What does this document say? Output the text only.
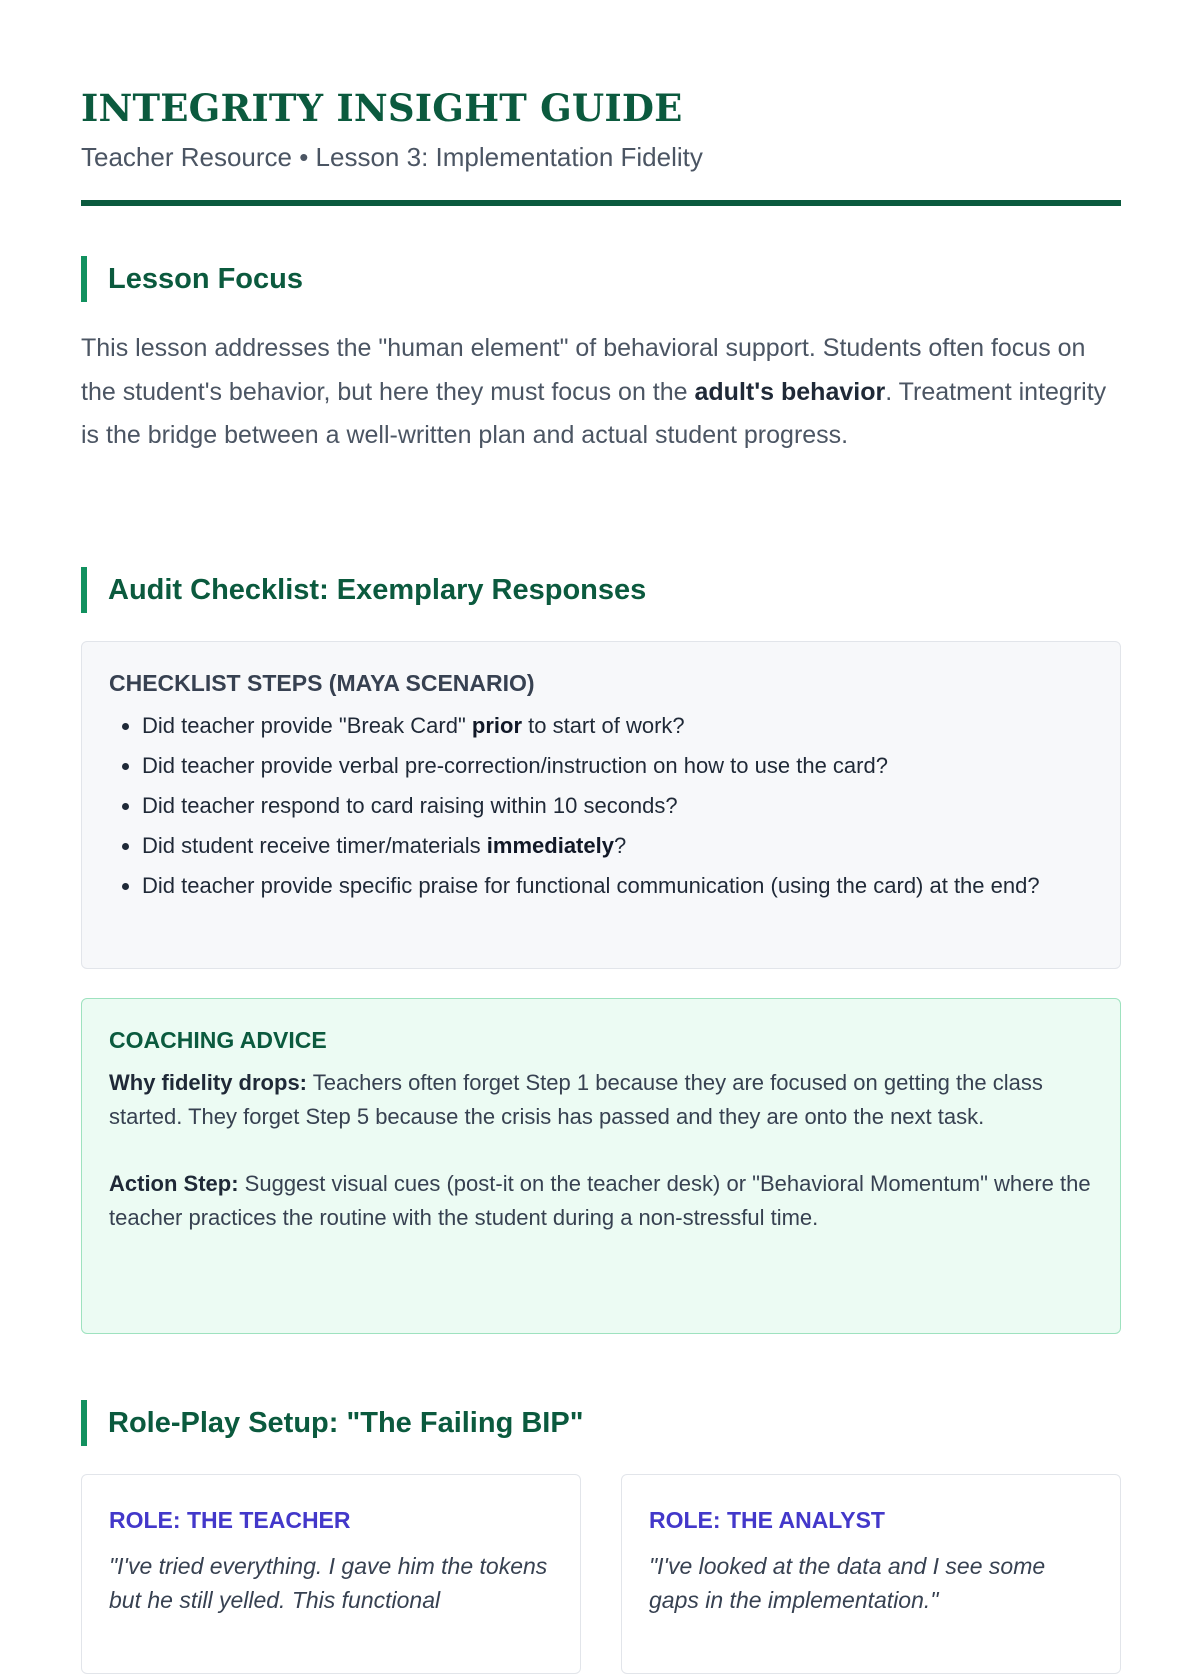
INTEGRITY INSIGHT GUIDE
Teacher Resource • Lesson 3: Implementation Fidelity
Lesson Focus
This lesson addresses the "human element" of behavioral support. Students often focus on the student's behavior, but here they must focus on the adult's behavior. Treatment integrity is the bridge between a well-written plan and actual student progress.
Audit Checklist: Exemplary Responses
CHECKLIST STEPS (MAYA SCENARIO)
• Did teacher provide "Break Card" prior to start of work?
• Did teacher provide verbal pre-correction/instruction on how to use the card?
• Did teacher respond to card raising within 10 seconds?
• Did student receive timer/materials immediately?
• Did teacher provide specific praise for functional communication (using the card) at the end?
COACHING ADVICE

Why fidelity drops: Teachers often forget Step 1 because they are focused on getting the class started. They forget Step 5 because the crisis has passed and they are onto the next task.

Action Step: Suggest visual cues (post-it on the teacher desk) or "Behavioral Momentum" where the teacher practices the routine with the student during a non-stressful time.

Role-Play Setup: "The Failing BIP"
ROLE: THE TEACHER
"I've tried everything. I gave him the tokens but he still yelled. This functional
ROLE: THE ANALYST
"I've looked at the data and I see some gaps in the implementation."
